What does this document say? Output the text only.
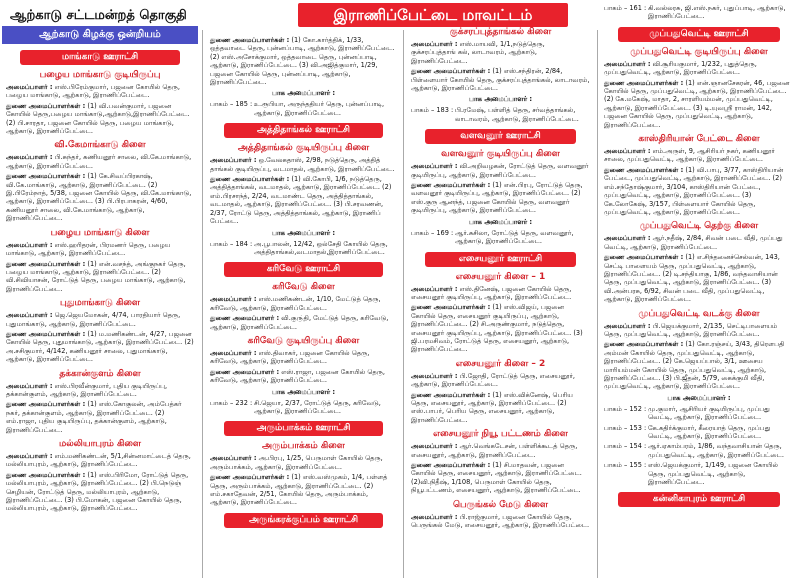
இராணிப்பேட்டை மாவட்டம்
ஆற்காடு சட்டமன்றத் தொகுதி
ஆற்காடு கிழக்கு ஒன்றியம்
மாங்காடு ஊராட்சி
பழைய மாங்காடு குடியிருப்பு

அமைப்பாளர் : எஸ்.பிரேம்குமார், பஜனை கோயில் தெரு, பழைய மாங்காடு, ஆற்காடு, இராணிப்பேட்டை.

துணை அமைப்பாளர்கள் : (1) வி.பவன்குமார், பஜனை கோயில் தெரு,பழைய மாங்காடு,ஆற்காடு,இராணிப்பேட்டை. (2) பி.சாரதா, பஜனை கோயில் தெரு, பழைய மாங்காடு, ஆற்காடு, இராணிப்பேட்டை.

வி.கேமாங்காடு கிளை

அமைப்பாளர் : பி.சுந்தர், கணியனூர் சாலை, வி.கே.மாங்காடு, ஆற்காடு, இராணிப்பேட்டை.

துணை அமைப்பாளர்கள் : (1) கே.சிவப்பிரகாஷ், வி.கே.மாங்காடு, ஆற்காடு, இராணிப்பேட்டை. (2) இ.பிரேம்நாத், 5/38, பஜனை கோயில் தெரு, வி.கே.மாங்காடு, ஆற்காடு, இராணிப்பேட்டை. (3) பி.பிரபாகரன், 4/60, கணியனூர் சாலை, வி.கே.மாங்காடு, ஆற்காடு, இராணிப்பேட்டை.

பழைய மாங்காடு கிளை

அமைப்பாளர் : எஸ்.ஹரிதரன், பிரமணர் தெரு, பழைய மாங்காடு, ஆற்காடு, இராணிப்பேட்டை.

துணை அமைப்பாளர்கள் : (1) என்.வசந்த், அங்குநகர் தெரு, பழைய மாங்காடு, ஆற்காடு, இராணிப்பேட்டை. (2) வி.சிவியாசன், ரோட்டுத் தெரு, பழைய மாங்காடு, ஆற்காடு, இராணிப்பேட்டை.

புதுமாங்காடு கிளை

அமைப்பாளர் : ஜெ.ஜெயமோகன், 4/74, பாரதியார் தெரு, புதுமாங்காடு, ஆற்காடு, இராணிப்பேட்டை.

துணை அமைப்பாளர்கள் : (1) ம.மணிகண்டன், 4/27, பஜனை கோயில் தெரு, புதுமாங்காடு, ஆற்காடு, இராணிப்பேட்டை. (2) அ.சசிகுமார், 4/142, கணியனூர் சாலை, புதுமாங்காடு, ஆற்காடு, இராணிப்பேட்டை.

தக்கான்குளம் கிளை

அமைப்பாளர் : எஸ்.பிரவீன்குமார், புதிய குடியிருப்பு, தக்கான்குளம், ஆற்காடு, இராணிப்பேட்டை.

துணை அமைப்பாளர்கள் : (1) எஸ்.கோகுலன், அம்பேத்கர் நகர், தக்கான்குளம், ஆற்காடு, இராணிப்பேட்டை. (2) எம்.ராஜா, புதிய குடியிருப்பு, தக்கான்குளம், ஆற்காடு, இராணிப்பேட்டை.

மல்லியாபுரம் கிளை

அமைப்பாளர் : எம்.மணிகண்டன், 5/1,சின்னமாட்டைத் தெரு, மல்லியாபுரம், ஆற்காடு, இராணிப்பேட்டை.

துணை அமைப்பாளர்கள் : (1) எஸ்.பிரிமோ, ரோட்டுத் தெரு, மல்லியாபுரம், ஆற்காடு, இராணிப்பேட்டை. (2) பி.நெடுஞ் செழியன், ரோட்டுத் தெரு, மல்லியாபுரம், ஆற்காடு, இராணிப்பேட்டை. (3) பி.மோகன், பஜனை கோயில் தெரு, மல்லியாபுரம், ஆற்காடு, இராணிப்பேட்டை.

துணை அமைப்பாளர்கள் : (1) கோ.கார்த்திக், 1/33, ஒத்தவாடை தெரு, புன்னப்பாடி, ஆற்காடு, இராணிப்பேட்டை. (2) எஸ்.அசோக்குமார், ஒத்தவாடை தெரு, புன்னப்பாடி, ஆற்காடு, இராணிப்பேட்டை. (3) வி.அஜித்குமார், 1/29, பஜனை கோயில் தெரு, புன்னப்பாடி, ஆற்காடு, இராணிப்பேட்டை.

பாக அமைப்பாளர் :
பாகம் – 185 : உ.ரூபியா, அருந்ததியர் தெரு, புன்னப்பாடி, ஆற்காடு, இராணிப்பேட்டை.
அத்திதாங்கல் ஊராட்சி
அத்திதாங்கல் குடியிருப்பு கிளை

அமைப்பாளர் : ஒ.வேலகதாஸ், 2/98, நடுத்தெரு, அத்தித் தாங்கல் குடியிருப்பு, வடமாதல், ஆற்காடு, இராணிப்பேட்டை.

துணை அமைப்பாளர்கள் : (1) வி.கோபி, 1/6, நடுத்தெரு, அத்தித்தாங்கல், வடமாதல், ஆற்காடு, இராணிப்பேட்டை. (2) எம்.பிரசாந்த், 2/24, வடமாண்ட தெரு, அத்தித்தாங்கல், வடமாதல், ஆற்காடு, இராணிப்பேட்டை. (3) பி.சரவணன், 2/37, ரோட்டு தெரு, அத்தித்தாங்கல், ஆற்காடு, இராணிப் பேட்டை.

பாக அமைப்பாளர் :
பாகம் – 184 : அ.பூபாலன், 12/42, ஒல்சேதி கோயில் தெரு, அத்திதாங்கல்,வடமாதல்,இராணிப்பேட்டை.
கரிவேடு ஊராட்சி
கரிவேடு கிளை

அமைப்பாளர் : எஸ்.மணிகண்டன், 1/10, மேட்டுத் தெரு, கரிவேடு, ஆற்காடு, இராணிப்பேட்டை.

துணை அமைப்பாளர் : வி.குரு்தி, மேட்டுத் தெரு, கரிவேடு, ஆற்காடு, இராணிப்பேட்டை.

கரிவேடு குடியிருப்பு கிளை

அமைப்பாளர் : எஸ்.திவாகர், பஜனை கோயில் தெரு, கரிவேடு, ஆற்காடு, இராணிப்பேட்டை.

துணை அமைப்பாளர் : எஸ்.ராஜா, பஜனை கோயில் தெரு, கரிவேடு, ஆற்காடு, இராணிப்பேட்டை.

பாக அமைப்பாளர் :
பாகம் – 232 : சி.ஜெயா, 2/37, ரோட்டுத் தெரு, கரிவேடு, ஆற்காடு, இராணிப்பேட்டை.
அரும்பாக்கம் ஊராட்சி
அரும்பாக்கம் கிளை

அமைப்பாளர் : அ.பிரபு, 1/25, பெருமாள் கோயில் தெரு, அரும்பாக்கம், ஆற்காடு, இராணிப்பேட்டை.

துணை அமைப்பாளர்கள் : (1) எஸ்.வஸ்முகம், 1/4, பள்ளத் தெரு, அரும்பாக்கம், ஆற்காடு, இராணிப்பேட்டை. (2) எம்.சகாதேவன், 2/51, கோயில் தெரு, அரும்பாக்கம், ஆற்காடு, இராணிப்பேட்டை.

அருங்கரக்குப்பம் ஊராட்சி
குக்சரப்புத்தாங்கல் கிளை

அமைப்பாளர் : எஸ்.மாயவி, 1/1,நடுத்தெரு, குக்சரப்புத்தாங் கல், லாடாவரம், ஆற்காடு, இராணிப்பேட்டை.

துணை அமைப்பாளர்கள் : (1) எஸ்.சந்திரன், 2/84, பிள்ளையார் கோயில் தெரு, குக்சரப்புத்தாங்கல், லாடாவரம், ஆற்காடு, இராணிப்பேட்டை.

பாக அமைப்பாளர் :
பாகம் – 183 : பி.ரமேஷ், பள்ளித் தெரு, சர்வத்தாங்கல், லாடாவரம், ஆற்காடு, இராணிப்பேட்டை.
வளவனூர் ஊராட்சி
வளவனூர் குடியிருப்பு கிளை

அமைப்பாளர் : வி.அறிவழகன், ரோட்டுத் தெரு, வளவனூர் குடியிருப்பு, ஆற்காடு, இராணிப்பேட்டை.

துணை அமைப்பாளர்கள் : (1) என்.பிரபு, ரோட்டுத் தெரு, வளவனூர் குடியிருப்பு, ஆற்காடு, இராணிப்பேட்டை. (2) எஸ்.குரு ஆனந்த், பஜனை கோயில் தெரு, வளவனூர் குடியிருப்பு, ஆற்காடு, இராணிப்பேட்டை.

பாக அமைப்பாளர் :
பாகம் – 169 : ஆர்.சுசிலா, ரோட்டுத் தெரு, வளவனூர், ஆற்காடு, இராணிப்பேட்டை.
எசையனூர் ஊராட்சி
எசையனூர் கிளை – 1

அமைப்பாளர் : எஸ்.தினேஷ், பஜனை கோயில் தெரு, எசையனூர் குடியிருப்பு, ஆற்காடு, இராணிப்பேட்டை.

துணை அமைப்பாளர்கள் : (1) எஸ்.விஜய், பஜனை கோயில் தெரு, எசையனூர் குடியிருப்பு, ஆற்காடு, இராணிப்பேட்டை. (2) சி.அருண்குமார், நடுத்தெரு, எசையனூர் குடியிருப்பு, ஆற்காடு, இராணிப்பேட்டை. (3) ஜி.பரமசிவம், ரோட்டுத் தெரு, எசையனூர், ஆற்காடு, இராணிப்பேட்டை.

எசையனூர் கிளை – 2

அமைப்பாளர் : பி.ஜோதி, ரோட்டுத் தெரு, எசையனூர், ஆற்காடு, இராணிப்பேட்டை.

துணை அமைப்பாளர்கள் : (1) எஸ்.விக்னேஷ், பெரிய தெரு, எசையனூர், ஆற்காடு, இராணிப்பேட்டை. (2) எஸ்.பாபர், பெரிய தெரு, எசையனூர், ஆற்காடு, இராணிப்பேட்டை.

எசையனூர் நியூ பட்டணம் கிளை

அமைப்பாளர் : ஆர்.வெங்கடேசன், பள்ளிக்கூடத் தெரு, எசையனூர், ஆற்காடு, இராணிப்பேட்டை.

துணை அமைப்பாளர்கள் : (1) சி.மாதவன், பஜனை கோயில் தெரு, எசையனூர், ஆற்காடு, இராணிப்பேட்டை. (2)வி.நிதீஷ், 1/108, பெருமாள் கோயில் தெரு, நியூபட்டணம், எசையனூர், ஆற்காடு, இராணிப்பேட்டை.

பெருங்கல் மேடு கிளை

அமைப்பாளர் : பி.ராஜ்குமார், பஜனை கோயில் தெரு, பெருங்கல் மேடு, எசையனூர், ஆற்காடு, இராணிப்பேட்டை.

பாகம் – 161 : கி.வல்லரசு, ஜி.எஸ்.நகர், புதுப்பாடி, ஆற்காடு, இராணிப்பேட்டை.
முப்பதுவெட்டி ஊராட்சி
முப்பதுவெட்டி குடியிருப்பு கிளை

அமைப்பாளர் : வி.சூரியகுமார், 1/232, புதுத்தெரு, முப்பதுவெட்டி, ஆற்காடு, இராணிப்பேட்டை.

துணை அமைப்பாளர்கள் : (1) என்.ஞானசேகரன், 46, பஜனை கோயில் தெரு, முப்பதுவெட்டி, ஆற்காடு, இராணிப்பேட்டை. (2) கே.மகேஷ், மாதா, 2, சாரளியம்மன், முப்பதுவெட்டி, ஆற்காடு, இராணிப்பேட்டை. (3) டி.யுவஸ்ரீ ராமன், 142, பஜனை கோயில் தெரு, முப்பதுவெட்டி, ஆற்காடு, இராணிப்பேட்டை.

காஸ்திரியான் பேட்டை கிளை

அமைப்பாளர் : எம்.அருள், 9, ஆசிரியர் நகர், கணியனூர் சாலை, முப்பதுவெட்டி, ஆற்காடு, இராணிப்பேட்டை.

துணை அமைப்பாளர்கள் : (1) வி.பாபு, 3/77, காஸ்திரியான் பேட்டை, முப்பதுவெட்டி, ஆற்காடு, இராணிப்பேட்டை. (2) எம்.சந்தோஷ்குமார், 3/104, காஸ்திரியான் பேட்டை, முப்பதுவெட்டி, ஆற்காடு, இராணிப்பேட்டை. (3) கே.லோகேஷ், 3/157, பிள்ளையார் கோயில் தெரு, முப்பதுவெட்டி, ஆற்காடு, இராணிப்பேட்டை.

முப்பதுவெட்டி தெற்கு கிளை

அமைப்பாளர் : ஆர்.நதீஷ், 2/84, சிவன் படை வீதி, முப்பது வெட்டி, ஆற்காடு, இராணிப்பேட்டை.

துணை அமைப்பாளர்கள் : (1) எ.சிந்தனைச்செல்வன், 143, செட்டி பாளையம் தெரு, முப்பதுவெட்டி, ஆற்காடு, இராணிப்பேட்டை. (2) டி.சந்தியாகு, 1/86, வந்தவாசியான் தெரு, முப்பதுவெட்டி, ஆற்காடு, இராணிப்பேட்டை. (3) வி.அன்பரசு, 6/92, சிவன் படை வீதி, முப்பதுவெட்டி, ஆற்காடு, இராணிப்பேட்டை.

முப்பதுவெட்டி வடக்கு கிளை

அமைப்பாளர் : பி.ஜெயக்குமார், 2/135, செட்டிபாளையம் தெரு, முப்பதுவெட்டி, ஆற்காடு, இராணிப்பேட்டை.

துணை அமைப்பாளர்கள் : (1) கோ.ரஞ்சய், 3/43, திரௌபதி அம்மன் கோயில் தெரு, முப்பதுவெட்டி, ஆற்காடு, இராணிப்பேட்டை. (2) கே.ஜெயப்பால், 3/1, ஊசைய மாரியம்மன் கோயில் தெரு, முப்பதுவெட்டி, ஆற்காடு, இராணிப்பேட்டை. (3) பி.ஜீதன், 5/79, கைக்குமி வீதி, முப்பதுவெட்டி, ஆற்காடு, இராணிப்பேட்டை.

பாக அமைப்பாளர் :
பாகம் – 152 : மு.குமார், ஆசிரியர் குடியிருப்பு, முப்பது வெட்டி, ஆற்காடு, இராணிப்பேட்டை.
பாகம் – 153 : கே.கதிர்க்குமார், கீரையாத் தெரு, முப்பது வெட்டி, ஆற்காடு, இராணிப்பேட்டை.
பாகம் – 154 : ஆர்.ஏகாம்பரம், 1/86, வந்தவாசியான் தெரு, முப்பதுவெட்டி, ஆற்காடு, இராணிப்பேட்டை.
பாகம் – 155 : எஸ்.ஜெயக்குமார், 1/149, பஜனை கோயில் தெரு, முப்பதுவெட்டி, ஆற்காடு, இராணிப்பேட்டை.
கன்னிகாபுரம் ஊராட்சி
